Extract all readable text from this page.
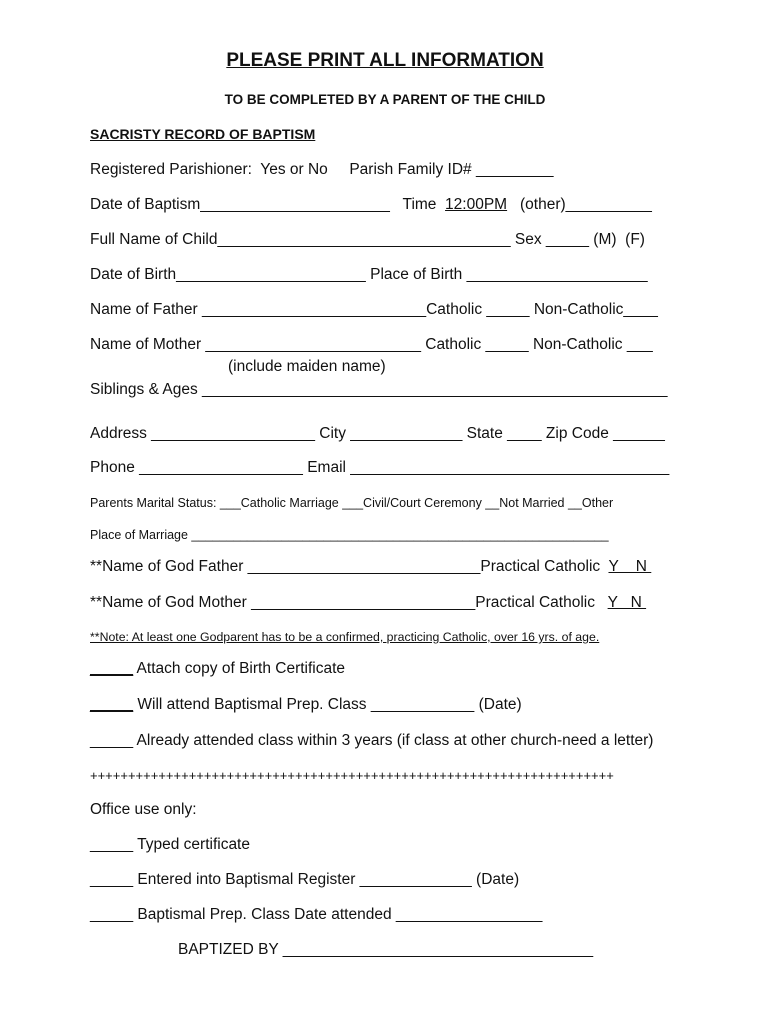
PLEASE PRINT ALL INFORMATION
TO BE COMPLETED BY A PARENT OF THE CHILD
SACRISTY RECORD OF BAPTISM
Registered Parishioner:  Yes or No     Parish Family ID# _________
Date of Baptism______________________   Time  12:00PM   (other)__________
Full Name of Child__________________________________ Sex _____ (M)  (F)
Date of Birth______________________ Place of Birth _____________________
Name of Father __________________________Catholic _____ Non-Catholic____
Name of Mother _________________________ Catholic _____ Non-Catholic ___
(include maiden name)
Siblings & Ages ______________________________________________________
Address ___________________ City _____________ State ____ Zip Code ______
Phone ___________________ Email _____________________________________
Parents Marital Status: ___Catholic Marriage ___Civil/Court Ceremony __Not Married __Other
Place of Marriage ____________________________________________________________
**Name of God Father ___________________________Practical Catholic  Y    N
**Name of God Mother __________________________Practical Catholic   Y   N
**Note: At least one Godparent has to be a confirmed, practicing Catholic, over 16 yrs. of age.
_____ Attach copy of Birth Certificate
_____ Will attend Baptismal Prep. Class ____________ (Date)
_____ Already attended class within 3 years (if class at other church-need a letter)
+++++++++++++++++++++++++++++++++++++++++++++++++++++++++++++++++++++
Office use only:
_____ Typed certificate
_____ Entered into Baptismal Register _____________ (Date)
_____ Baptismal Prep. Class Date attended _________________
BAPTIZED BY ____________________________________
